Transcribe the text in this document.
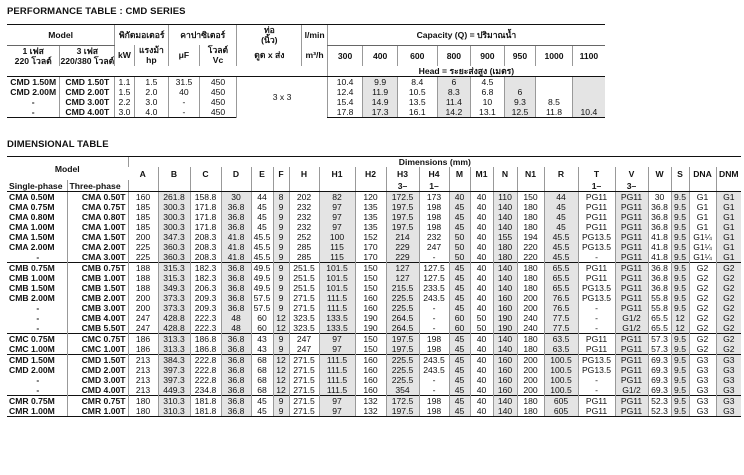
PERFORMANCE TABLE : CMD SERIES
Model		พิกัดมอเตอร์		คาปาซิเตอร์		ท่อ
(นิ้ว)	l/min	Capacity (Q) = ปริมาณน้ำ							
1 เฟส
220 โวลต์	3 เฟส
220/380 โวลต์	kW	แรงม้า
hp	μF	โวลต์
Vc	ดูด x ส่ง	m³/h	300	400	600	800	900	950	1000	1100
								Head = ระยะส่งสูง (เมตร)							
CMD 1.50M	CMD 1.50T	1.1	1.5	31.5	450	3 x 3		10.4	9.9	8.4	6	4.5			
CMD 2.00M	CMD 2.00T	1.5	2.0	40	450			12.4	11.9	10.5	8.3	6.8	6		
-	CMD 3.00T	2.2	3.0	-	450			15.4	14.9	13.5	11.4	10	9.3	8.5	
-	CMD 4.00T	3.0	4.0	-	450			17.8	17.3	16.1	14.2	13.1	12.5	11.8	10.4
DIMENSIONAL TABLE
Model		Dimensions (mm)																					
		A	B	C	D	E	F	H	H1	H2	H3	H4	M	M1	N	N1	R	T	V	W	S	DNA	DNM
Single-phase	Three-phase										3–	1–						1–	3–				
CMA 0.50M	CMA 0.50T	160	261.8	158.8	30	44	8	202	82	120	172.5	173	40	40	110	150	44	PG11	PG11	30	9.5	G1	G1
CMA 0.75M	CMA 0.75T	185	300.3	171.8	36.8	45	9	232	97	135	197.5	198	45	40	140	180	45	PG11	PG11	36.8	9.5	G1	G1
CMA 0.80M	CMA 0.80T	185	300.3	171.8	36.8	45	9	232	97	135	197.5	198	45	40	140	180	45	PG11	PG11	36.8	9.5	G1	G1
CMA 1.00M	CMA 1.00T	185	300.3	171.8	36.8	45	9	232	97	135	197.5	198	45	40	140	180	45	PG11	PG11	36.8	9.5	G1	G1
CMA 1.50M	CMA 1.50T	200	347.3	208.3	41.8	45.5	9	252	100	152	214	232	50	40	155	194	45.5	PG13.5	PG11	41.8	9.5	G1¼	G1
CMA 2.00M	CMA 2.00T	225	360.3	208.3	41.8	45.5	9	285	115	170	229	247	50	40	180	220	45.5	PG13.5	PG11	41.8	9.5	G1¼	G1
-	CMA 3.00T	225	360.3	208.3	41.8	45.5	9	285	115	170	229	-	50	40	180	220	45.5	-	PG11	41.8	9.5	G1¼	G1
CMB 0.75M	CMB 0.75T	188	315.3	182.3	36.8	49.5	9	251.5	101.5	150	127	127.5	45	40	140	180	65.5	PG11	PG11	36.8	9.5	G2	G2
CMB 1.00M	CMB 1.00T	188	315.3	182.3	36.8	49.5	9	251.5	101.5	150	127	127.5	45	40	140	180	65.5	PG11	PG11	36.8	9.5	G2	G2
CMB 1.50M	CMB 1.50T	188	349.3	206.3	36.8	49.5	9	251.5	101.5	150	215.5	233.5	45	40	140	180	65.5	PG13.5	PG11	36.8	9.5	G2	G2
CMB 2.00M	CMB 2.00T	200	373.3	209.3	36.8	57.5	9	271.5	111.5	160	225.5	243.5	45	40	160	200	76.5	PG13.5	PG11	55.8	9.5	G2	G2
-	CMB 3.00T	200	373.3	209.3	36.8	57.5	9	271.5	111.5	160	225.5	-	45	40	160	200	76.5	-	PG11	55.8	9.5	G2	G2
-	CMB 4.00T	247	428.8	222.3	48	60	12	323.5	133.5	190	264.5	-	60	50	190	240	77.5	-	G1/2	65.5	12	G2	G2
-	CMB 5.50T	247	428.8	222.3	48	60	12	323.5	133.5	190	264.5	-	60	50	190	240	77.5	-	G1/2	65.5	12	G2	G2
CMC 0.75M	CMC 0.75T	186	313.3	186.8	36.8	43	9	247	97	150	197.5	198	45	40	140	180	63.5	PG11	PG11	57.3	9.5	G2	G2
CMC 1.00M	CMC 1.00T	186	313.3	186.8	36.8	43	9	247	97	150	197.5	198	45	40	140	180	63.5	PG11	PG11	57.3	9.5	G2	G2
CMD 1.50M	CMD 1.50T	213	384.3	222.8	36.8	68	12	271.5	111.5	160	225.5	243.5	45	40	160	200	100.5	PG13.5	PG11	69.3	9.5	G3	G3
CMD 2.00M	CMD 2.00T	213	397.3	222.8	36.8	68	12	271.5	111.5	160	225.5	243.5	45	40	160	200	100.5	PG13.5	PG11	69.3	9.5	G3	G3
-	CMD 3.00T	213	397.3	222.8	36.8	68	12	271.5	111.5	160	225.5	-	45	40	160	200	100.5	-	PG11	69.3	9.5	G3	G3
-	CMD 4.00T	213	449.3	234.8	36.8	68	12	271.5	111.5	160	354	-	45	40	160	200	100.5	-	G1/2	69.3	9.5	G3	G3
CMR 0.75M	CMR 0.75T	180	310.3	181.8	36.8	45	9	271.5	97	132	172.5	198	45	40	140	180	605	PG11	PG11	52.3	9.5	G3	G3
CMR 1.00M	CMR 1.00T	180	310.3	181.8	36.8	45	9	271.5	97	132	197.5	198	45	40	140	180	605	PG11	PG11	52.3	9.5	G3	G3
